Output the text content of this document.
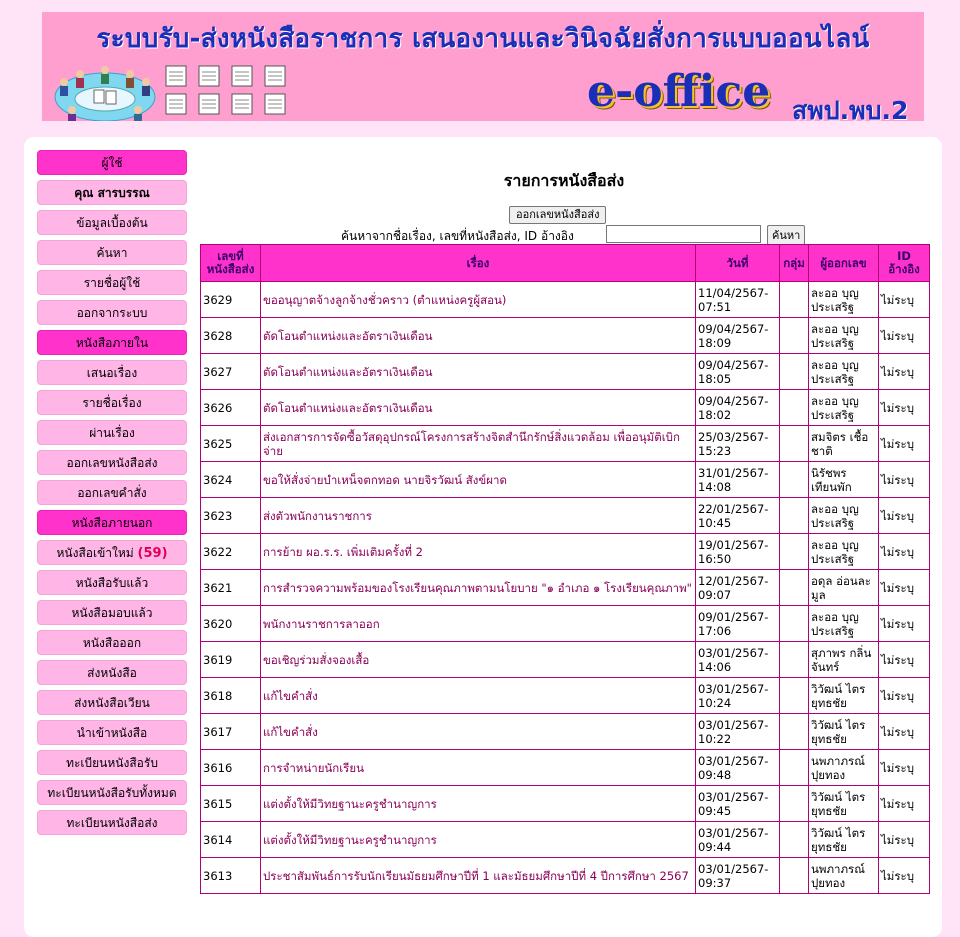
ระบบรับ-ส่งหนังสือราชการ เสนองานและวินิจฉัยสั่งการแบบออนไลน์
e-office สพป.พบ.2
ผู้ใช้
คุณ สารบรรณ
ข้อมูลเบื้องต้น
ค้นหา
รายชื่อผู้ใช้
ออกจากระบบ
หนังสือภายใน
เสนอเรื่อง
รายชื่อเรื่อง
ผ่านเรื่อง
ออกเลขหนังสือส่ง
ออกเลขคำสั่ง
หนังสือภายนอก
หนังสือเข้าใหม่ (59)
หนังสือรับแล้ว
หนังสือมอบแล้ว
หนังสือออก
ส่งหนังสือ
ส่งหนังสือเวียน
นำเข้าหนังสือ
ทะเบียนหนังสือรับ
ทะเบียนหนังสือรับทั้งหมด
ทะเบียนหนังสือส่ง
รายการหนังสือส่ง
ออกเลขหนังสือส่ง
ค้นหาจากชื่อเรื่อง, เลขที่หนังสือส่ง, ID อ้างอิง	ค้นหา
เลขที่ หนังสือส่ง	เรื่อง	วันที่	กลุ่ม	ผู้ออกเลข	ID อ้างอิง
3629	ขออนุญาตจ้างลูกจ้างชั่วคราว (ตำแหน่งครูผู้สอน)	11/04/2567-07:51		ละออ บุญประเสริฐ	ไม่ระบุ
3628	ตัดโอนตำแหน่งและอัตราเงินเดือน	09/04/2567-18:09		ละออ บุญประเสริฐ	ไม่ระบุ
3627	ตัดโอนตำแหน่งและอัตราเงินเดือน	09/04/2567-18:05		ละออ บุญประเสริฐ	ไม่ระบุ
3626	ตัดโอนตำแหน่งและอัตราเงินเดือน	09/04/2567-18:02		ละออ บุญประเสริฐ	ไม่ระบุ
3625	ส่งเอกสารการจัดซื้อวัสดุอุปกรณ์โครงการสร้างจิตสำนึกรักษ์สิ่งแวดล้อม เพื่ออนุมัติเบิกจ่าย	25/03/2567-15:23		สมจิตร เชื้อชาติ	ไม่ระบุ
3624	ขอให้สั่งจ่ายบำเหน็จตกทอด นายจิรวัฒน์ สังข์ผาด	31/01/2567-14:08		นิรัชพร เทียนพัก	ไม่ระบุ
3623	ส่งตัวพนักงานราชการ	22/01/2567-10:45		ละออ บุญประเสริฐ	ไม่ระบุ
3622	การย้าย ผอ.ร.ร. เพิ่มเติมครั้งที่ 2	19/01/2567-16:50		ละออ บุญประเสริฐ	ไม่ระบุ
3621	การสำรวจความพร้อมของโรงเรียนคุณภาพตามนโยบาย "๑ อำเภอ ๑ โรงเรียนคุณภาพ"	12/01/2567-09:07		อดุล อ่อนละมูล	ไม่ระบุ
3620	พนักงานราชการลาออก	09/01/2567-17:06		ละออ บุญประเสริฐ	ไม่ระบุ
3619	ขอเชิญร่วมสั่งจองเสื้อ	03/01/2567-14:06		สุภาพร กลิ่นจันทร์	ไม่ระบุ
3618	แก้ไขคำสั่ง	03/01/2567-10:24		วิวัฒน์ ไตรยุทธชัย	ไม่ระบุ
3617	แก้ไขคำสั่ง	03/01/2567-10:22		วิวัฒน์ ไตรยุทธชัย	ไม่ระบุ
3616	การจำหน่ายนักเรียน	03/01/2567-09:48		นพภาภรณ์ ปุยทอง	ไม่ระบุ
3615	แต่งตั้งให้มีวิทยฐานะครูชำนาญการ	03/01/2567-09:45		วิวัฒน์ ไตรยุทธชัย	ไม่ระบุ
3614	แต่งตั้งให้มีวิทยฐานะครูชำนาญการ	03/01/2567-09:44		วิวัฒน์ ไตรยุทธชัย	ไม่ระบุ
3613	ประชาสัมพันธ์การรับนักเรียนมัธยมศึกษาปีที่ 1 และมัธยมศึกษาปีที่ 4 ปีการศึกษา 2567	03/01/2567-09:37		นพภาภรณ์ ปุยทอง	ไม่ระบุ
